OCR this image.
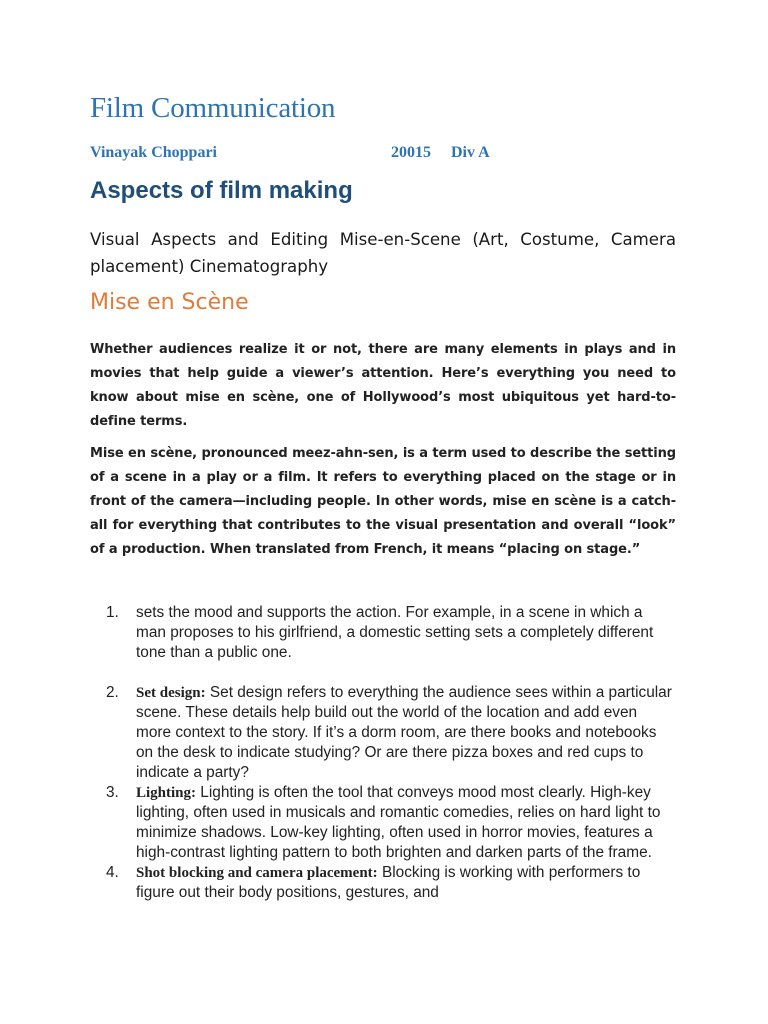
Film Communication
Vinayak Choppari	20015 Div A
Aspects of film making

Visual Aspects and Editing Mise-en-Scene (Art, Costume, Camera placement) Cinematography

Mise en Scène

Whether audiences realize it or not, there are many elements in plays and in movies that help guide a viewer’s attention. Here’s everything you need to know about mise en scène, one of Hollywood’s most ubiquitous yet hard-to-define terms.

Mise en scène, pronounced meez-ahn-sen, is a term used to describe the setting of a scene in a play or a film. It refers to everything placed on the stage or in front of the camera—including people. In other words, mise en scène is a catch-all for everything that contributes to the visual presentation and overall “look” of a production. When translated from French, it means “placing on stage.”

1. sets the mood and supports the action. For example, in a scene in which a man proposes to his girlfriend, a domestic setting sets a completely different tone than a public one.
2. Set design: Set design refers to everything the audience sees within a particular scene. These details help build out the world of the location and add even more context to the story. If it’s a dorm room, are there books and notebooks on the desk to indicate studying? Or are there pizza boxes and red cups to indicate a party?
3. Lighting: Lighting is often the tool that conveys mood most clearly. High-key lighting, often used in musicals and romantic comedies, relies on hard light to minimize shadows. Low-key lighting, often used in horror movies, features a high-contrast lighting pattern to both brighten and darken parts of the frame.
4. Shot blocking and camera placement: Blocking is working with performers to figure out their body positions, gestures, and
